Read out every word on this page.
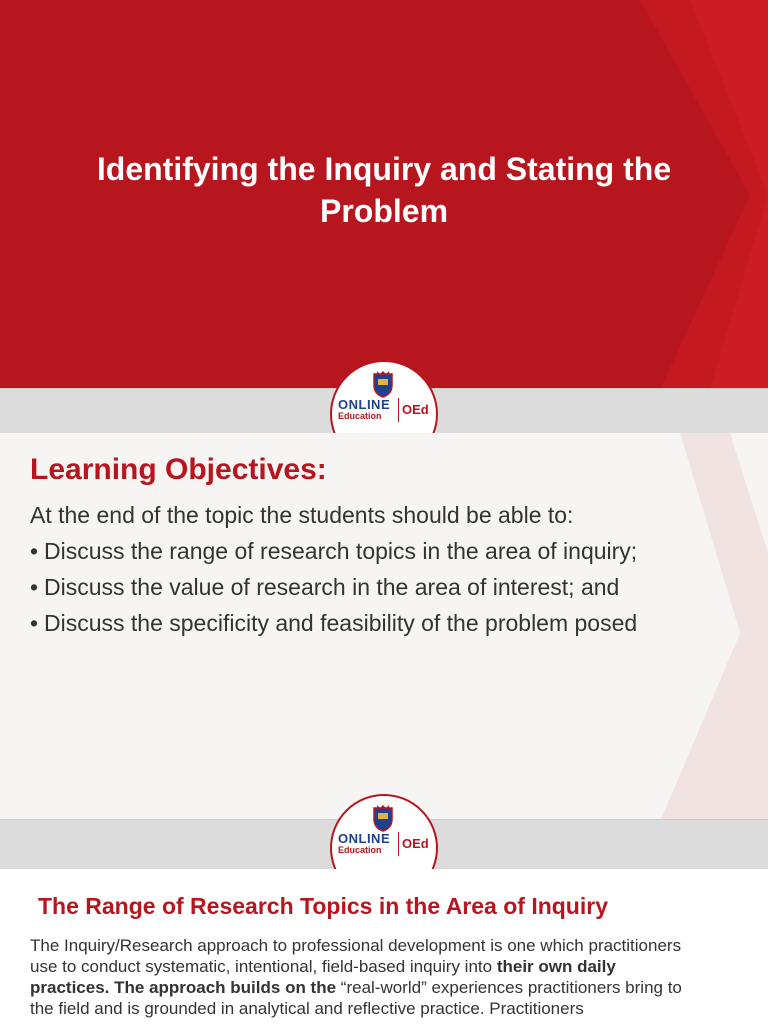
Identifying the Inquiry and Stating the Problem
ONLINE
Education	OEd
Learning Objectives:

At the end of the topic the students should be able to:

• Discuss the range of research topics in the area of inquiry;
• Discuss the value of research in the area of interest; and
• Discuss the specificity and feasibility of the problem posed
ONLINE
Education	OEd
The Range of Research Topics in the Area of Inquiry

The Inquiry/Research approach to professional development is one which practitioners use to conduct systematic, intentional, field-based inquiry into their own daily practices. The approach builds on the “real-world” experiences practitioners bring to the field and is grounded in analytical and reflective practice. Practitioners
